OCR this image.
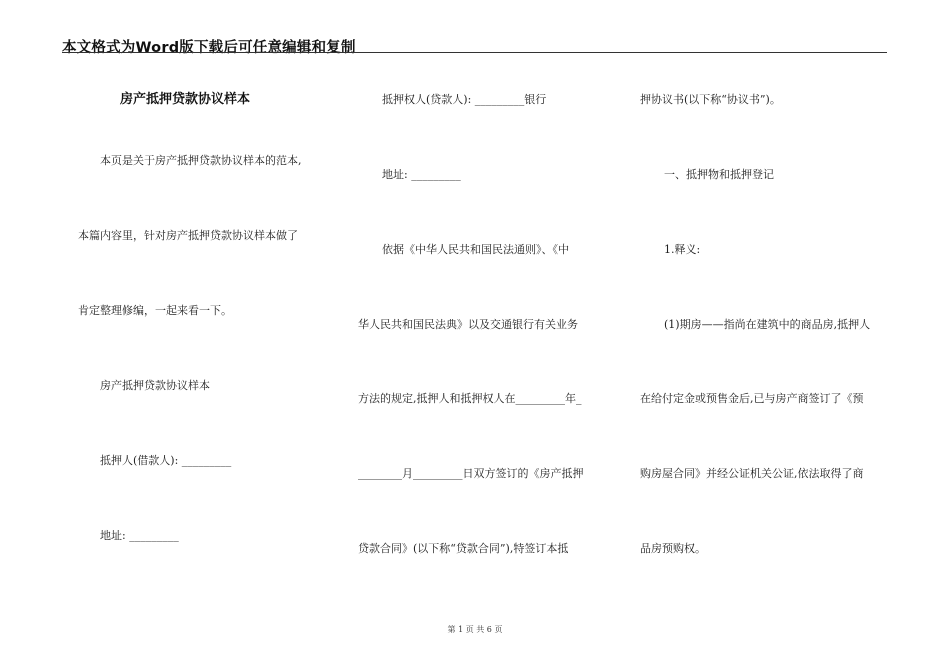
本文格式为Word版下载后可任意编辑和复制
房产抵押贷款协议样本
本页是关于房产抵押贷款协议样本的范本,
本篇内容里，针对房产抵押贷款协议样本做了
肯定整理修编，一起来看一下。
房产抵押贷款协议样本
抵押人(借款人): _________
地址: _________
抵押权人(贷款人): _________银行
地址: _________
依据《中华人民共和国民法通则》、《中
华人民共和国民法典》以及交通银行有关业务
方法的规定,抵押人和抵押权人在_________年_
________月_________日双方签订的《房产抵押
贷款合同》(以下称“贷款合同”),特签订本抵
押协议书(以下称“协议书”)。
一、抵押物和抵押登记
1.释义:
(1)期房——指尚在建筑中的商品房,抵押人
在给付定金或预售金后,已与房产商签订了《预
购房屋合同》并经公证机关公证,依法取得了商
品房预购权。
第 1 页 共 6 页
